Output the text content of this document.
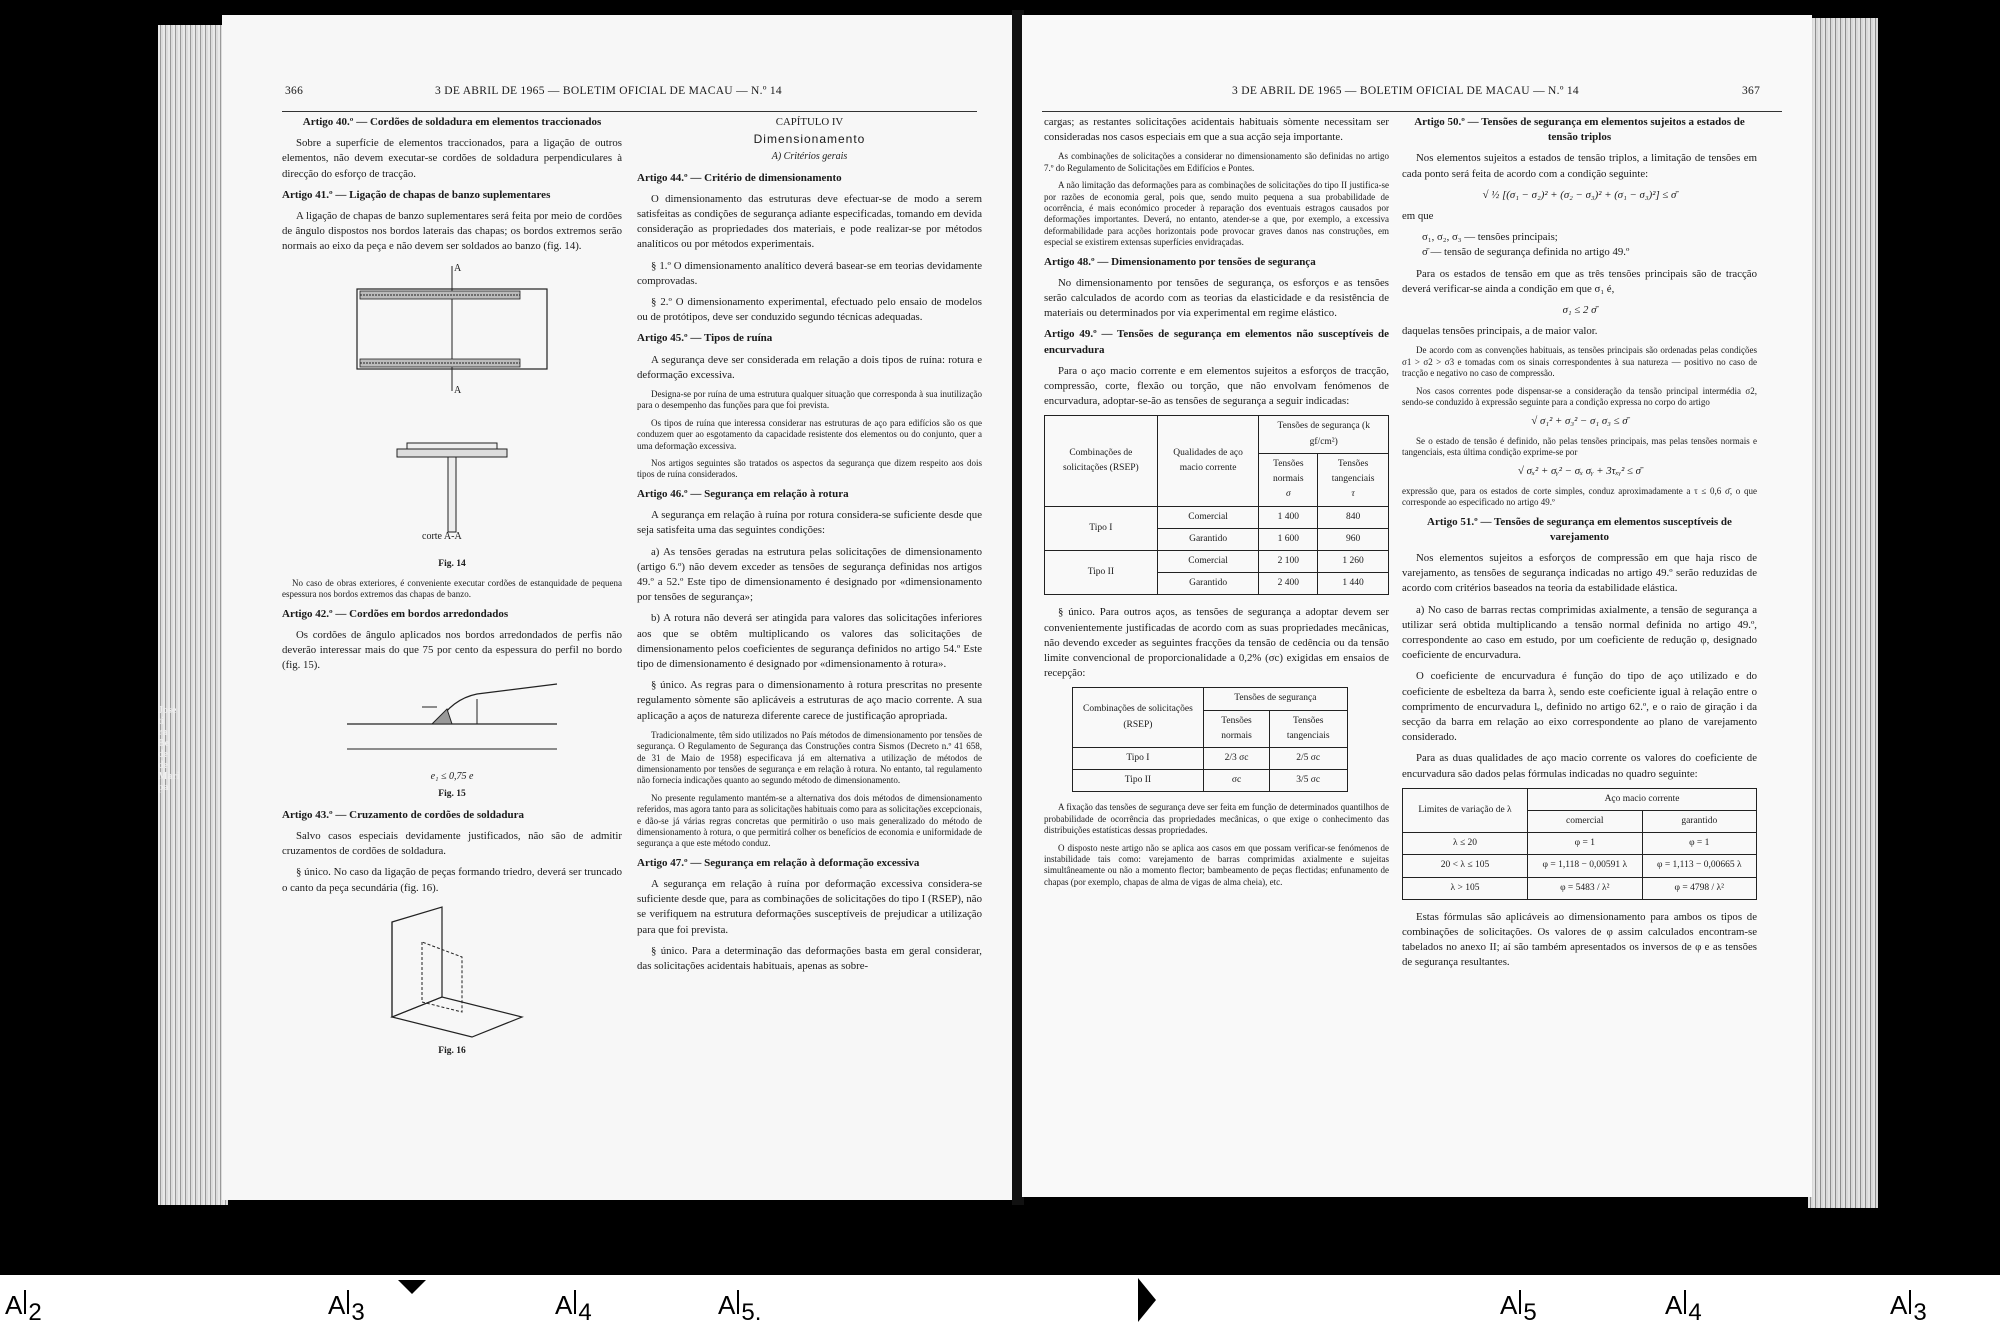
Jose
ti
ra
Be
de
de
Mari
pa
366	3 DE ABRIL DE 1965 — BOLETIM OFICIAL DE MACAU — N.º 14

Artigo 40.º — Cordões de soldadura em elementos traccionados

Sobre a superfície de elementos traccionados, para a ligação de outros elementos, não devem executar-se cordões de soldadura perpendiculares à direcção do esforço de tracção.

Artigo 41.º — Ligação de chapas de banzo suplementares

A ligação de chapas de banzo suplementares será feita por meio de cordões de ângulo dispostos nos bordos laterais das chapas; os bordos extremos serão normais ao eixo da peça e não devem ser soldados ao banzo (fig. 14).

A
A
corte A-A
Fig. 14

No caso de obras exteriores, é conveniente executar cordões de estanquidade de pequena espessura nos bordos extremos das chapas de banzo.

Artigo 42.º — Cordões em bordos arredondados

Os cordões de ângulo aplicados nos bordos arredondados de perfis não deverão interessar mais do que 75 por cento da espessura do perfil no bordo (fig. 15).

e₁ ≤ 0,75 e
Fig. 15

Artigo 43.º — Cruzamento de cordões de soldadura

Salvo casos especiais devidamente justificados, não são de admitir cruzamentos de cordões de soldadura.

§ único. No caso da ligação de peças formando triedro, deverá ser truncado o canto da peça secundária (fig. 16).

Fig. 16

CAPÍTULO IV

Dimensionamento

A) Critérios gerais

Artigo 44.º — Critério de dimensionamento

O dimensionamento das estruturas deve efectuar-se de modo a serem satisfeitas as condições de segurança adiante especificadas, tomando em devida consideração as propriedades dos materiais, e pode realizar-se por métodos analíticos ou por métodos experimentais.

§ 1.º O dimensionamento analítico deverá basear-se em teorias devidamente comprovadas.

§ 2.º O dimensionamento experimental, efectuado pelo ensaio de modelos ou de protótipos, deve ser conduzido segundo técnicas adequadas.

Artigo 45.º — Tipos de ruína

A segurança deve ser considerada em relação a dois tipos de ruína: rotura e deformação excessiva.

Designa-se por ruína de uma estrutura qualquer situação que corresponda à sua inutilização para o desempenho das funções para que foi prevista.

Os tipos de ruína que interessa considerar nas estruturas de aço para edifícios são os que conduzem quer ao esgotamento da capacidade resistente dos elementos ou do conjunto, quer a uma deformação excessiva.

Nos artigos seguintes são tratados os aspectos da segurança que dizem respeito aos dois tipos de ruína considerados.

Artigo 46.º — Segurança em relação à rotura

A segurança em relação à ruína por rotura considera-se suficiente desde que seja satisfeita uma das seguintes condições:

a) As tensões geradas na estrutura pelas solicitações de dimensionamento (artigo 6.º) não devem exceder as tensões de segurança definidas nos artigos 49.º a 52.º Este tipo de dimensionamento é designado por «dimensionamento por tensões de segurança»;

b) A rotura não deverá ser atingida para valores das solicitações inferiores aos que se obtêm multiplicando os valores das solicitações de dimensionamento pelos coeficientes de segurança definidos no artigo 54.º Este tipo de dimensionamento é designado por «dimensionamento à rotura».

§ único. As regras para o dimensionamento à rotura prescritas no presente regulamento sòmente são aplicáveis a estruturas de aço macio corrente. A sua aplicação a aços de natureza diferente carece de justificação apropriada.

Tradicionalmente, têm sido utilizados no País métodos de dimensionamento por tensões de segurança. O Regulamento de Segurança das Construções contra Sismos (Decreto n.º 41 658, de 31 de Maio de 1958) especificava já em alternativa a utilização de métodos de dimensionamento por tensões de segurança e em relação à rotura. No entanto, tal regulamento não fornecia indicações quanto ao segundo método de dimensionamento.

No presente regulamento mantém-se a alternativa dos dois métodos de dimensionamento referidos, mas agora tanto para as solicitações habituais como para as solicitações excepcionais, e dão-se já várias regras concretas que permitirão o uso mais generalizado do método de dimensionamento à rotura, o que permitirá colher os benefícios de economia e uniformidade de segurança a que este método conduz.

Artigo 47.º — Segurança em relação à deformação excessiva

A segurança em relação à ruína por deformação excessiva considera-se suficiente desde que, para as combinações de solicitações do tipo I (RSEP), não se verifiquem na estrutura deformações susceptíveis de prejudicar a utilização para que foi prevista.

§ único. Para a determinação das deformações basta em geral considerar, das solicitações acidentais habituais, apenas as sobre-

3 DE ABRIL DE 1965 — BOLETIM OFICIAL DE MACAU — N.º 14	367

cargas; as restantes solicitações acidentais habituais sòmente necessitam ser consideradas nos casos especiais em que a sua acção seja importante.

As combinações de solicitações a considerar no dimensionamento são definidas no artigo 7.º do Regulamento de Solicitações em Edifícios e Pontes.

A não limitação das deformações para as combinações de solicitações do tipo II justifica-se por razões de economia geral, pois que, sendo muito pequena a sua probabilidade de ocorrência, é mais económico proceder à reparação dos eventuais estragos causados por deformações importantes. Deverá, no entanto, atender-se a que, por exemplo, a excessiva deformabilidade para acções horizontais pode provocar graves danos nas construções, em especial se existirem extensas superfícies envidraçadas.

Artigo 48.º — Dimensionamento por tensões de segurança

No dimensionamento por tensões de segurança, os esforços e as tensões serão calculados de acordo com as teorias da elasticidade e da resistência de materiais ou determinados por via experimental em regime elástico.

Artigo 49.º — Tensões de segurança em elementos não susceptíveis de encurvadura

Para o aço macio corrente e em elementos sujeitos a esforços de tracção, compressão, corte, flexão ou torção, que não envolvam fenómenos de encurvadura, adoptar-se-ão as tensões de segurança a seguir indicadas:

Combinações de solicitações (RSEP)	Qualidades de aço macio corrente	Tensões de segurança (k gf/cm²)	
		Tensões normais
σ	Tensões tangenciais
τ
Tipo I	Comercial	1 400	840
	Garantido	1 600	960
Tipo II	Comercial	2 100	1 260
	Garantido	2 400	1 440

§ único. Para outros aços, as tensões de segurança a adoptar devem ser convenientemente justificadas de acordo com as suas propriedades mecânicas, não devendo exceder as seguintes fracções da tensão de cedência ou da tensão limite convencional de proporcionalidade a 0,2% (σc) exigidas em ensaios de recepção:

Combinações de solicitações (RSEP)	Tensões de segurança	
	Tensões normais	Tensões tangenciais
Tipo I	2/3 σc	2/5 σc
Tipo II	σc	3/5 σc

A fixação das tensões de segurança deve ser feita em função de determinados quantilhos de probabilidade de ocorrência das propriedades mecânicas, o que exige o conhecimento das distribuições estatísticas dessas propriedades.

O disposto neste artigo não se aplica aos casos em que possam verificar-se fenómenos de instabilidade tais como: varejamento de barras comprimidas axialmente e sujeitas simultâneamente ou não a momento flector; bambeamento de peças flectidas; enfunamento de chapas (por exemplo, chapas de alma de vigas de alma cheia), etc.

Artigo 50.º — Tensões de segurança em elementos sujeitos a estados de tensão triplos

Nos elementos sujeitos a estados de tensão triplos, a limitação de tensões em cada ponto será feita de acordo com a condição seguinte:

√ ½ [(σ₁ − σ₂)² + (σ₂ − σ₃)² + (σ₁ − σ₃)²] ≤ σ̄

em que

σ₁, σ₂, σ₃ — tensões principais;

σ̄ — tensão de segurança definida no artigo 49.º

Para os estados de tensão em que as três tensões principais são de tracção deverá verificar-se ainda a condição em que σ₁ é,

σ₁ ≤ 2 σ̄

daquelas tensões principais, a de maior valor.

De acordo com as convenções habituais, as tensões principais são ordenadas pelas condições σ1 > σ2 > σ3 e tomadas com os sinais correspondentes à sua natureza — positivo no caso de tracção e negativo no caso de compressão.

Nos casos correntes pode dispensar-se a consideração da tensão principal intermédia σ2, sendo-se conduzido à expressão seguinte para a condição expressa no corpo do artigo

√ σ₁² + σ₃² − σ₁ σ₃ ≤ σ̄

Se o estado de tensão é definido, não pelas tensões principais, mas pelas tensões normais e tangenciais, esta última condição exprime-se por

√ σₓ² + σᵧ² − σₓ σᵧ + 3τₓᵧ² ≤ σ̄

expressão que, para os estados de corte simples, conduz aproximadamente a τ ≤ 0,6 σ̄, o que corresponde ao especificado no artigo 49.º

Artigo 51.º — Tensões de segurança em elementos susceptíveis de varejamento

Nos elementos sujeitos a esforços de compressão em que haja risco de varejamento, as tensões de segurança indicadas no artigo 49.º serão reduzidas de acordo com critérios baseados na teoria da estabilidade elástica.

a) No caso de barras rectas comprimidas axialmente, a tensão de segurança a utilizar será obtida multiplicando a tensão normal definida no artigo 49.º, correspondente ao caso em estudo, por um coeficiente de redução φ, designado coeficiente de encurvadura.

O coeficiente de encurvadura é função do tipo de aço utilizado e do coeficiente de esbelteza da barra λ, sendo este coeficiente igual à relação entre o comprimento de encurvadura lₑ, definido no artigo 62.º, e o raio de giração i da secção da barra em relação ao eixo correspondente ao plano de varejamento considerado.

Para as duas qualidades de aço macio corrente os valores do coeficiente de encurvadura são dados pelas fórmulas indicadas no quadro seguinte:

Limites de variação de λ	Aço macio corrente	
	comercial	garantido
λ ≤ 20	φ = 1	φ = 1
20 < λ ≤ 105	φ = 1,118 − 0,00591 λ	φ = 1,113 − 0,00665 λ
λ > 105	φ = 5483 / λ²	φ = 4798 / λ²

Estas fórmulas são aplicáveis ao dimensionamento para ambos os tipos de combinações de solicitações. Os valores de φ assim calculados encontram-se tabelados no anexo II; aí são também apresentados os inversos de φ e as tensões de segurança resultantes.

A $_2$	A $_3$	A $_4$	A $_{5.}$	A $_5$	A $_4$	A $_3$
